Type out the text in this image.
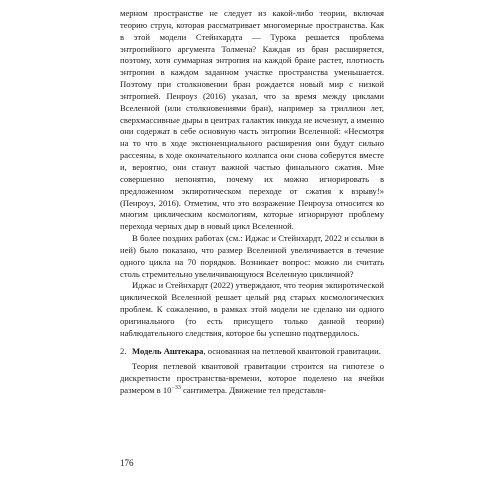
мерном пространстве не следует из какой-либо теории, включая теорию струн, которая рассматривает многомерные пространства. Как в этой модели Стейнхардта — Турока решается проблема энтропийного аргумента Толмена? Каждая из бран расширяется, поэтому, хотя суммарная энтропия на каждой бране растет, плотность энтропии в каждом заданном участке пространства уменьшается. Поэтому при столкновении бран рождается новый мир с низкой энтропией. Пенроуз (2016) указал, что за время между циклами Вселенной (или столкновениями бран), например за триллион лет, сверхмассивные дыры в центрах галактик никуда не исчезнут, а именно они содержат в себе основную часть энтропии Вселенной: «Несмотря на то что в ходе экспоненциального расширения они будут сильно рассеяны, в ходе окончательного коллапса они снова соберутся вместе и, вероятно, они станут важной частью финального сжатия. Мне совершенно непонятно, почему их можно игнорировать в предложенном экпиротическом переходе от сжатия к взрыву!» (Пенроуз, 2016). Отметим, что это возражение Пенроуза относится ко многим циклическим космологиям, которые игнорируют проблему перехода черных дыр в новый цикл Вселенной.

В более поздних работах (см.: Иджас и Стейнхардт, 2022 и ссылки в ней) было показано, что размер Вселенной увеличивается в течение одного цикла на 70 порядков. Возникает вопрос: можно ли считать столь стремительно увеличивающуюся Вселенную цикличной?

Иджас и Стейнхардт (2022) утверждают, что теория экпиротической циклической Вселенной решает целый ряд старых космологических проблем. К сожалению, в рамках этой модели не сделано ни одного оригинального (то есть присущего только данной теории) наблюдательного следствия, которое бы успешно подтвердилось.

2. Модель Аштекара, основанная на петлевой квантовой гравитации.

Теория петлевой квантовой гравитации строится на гипотезе о дискретности пространства-времени, которое поделено на ячейки размером в $10^{-33}$ сантиметра. Движение тел представля-

176
